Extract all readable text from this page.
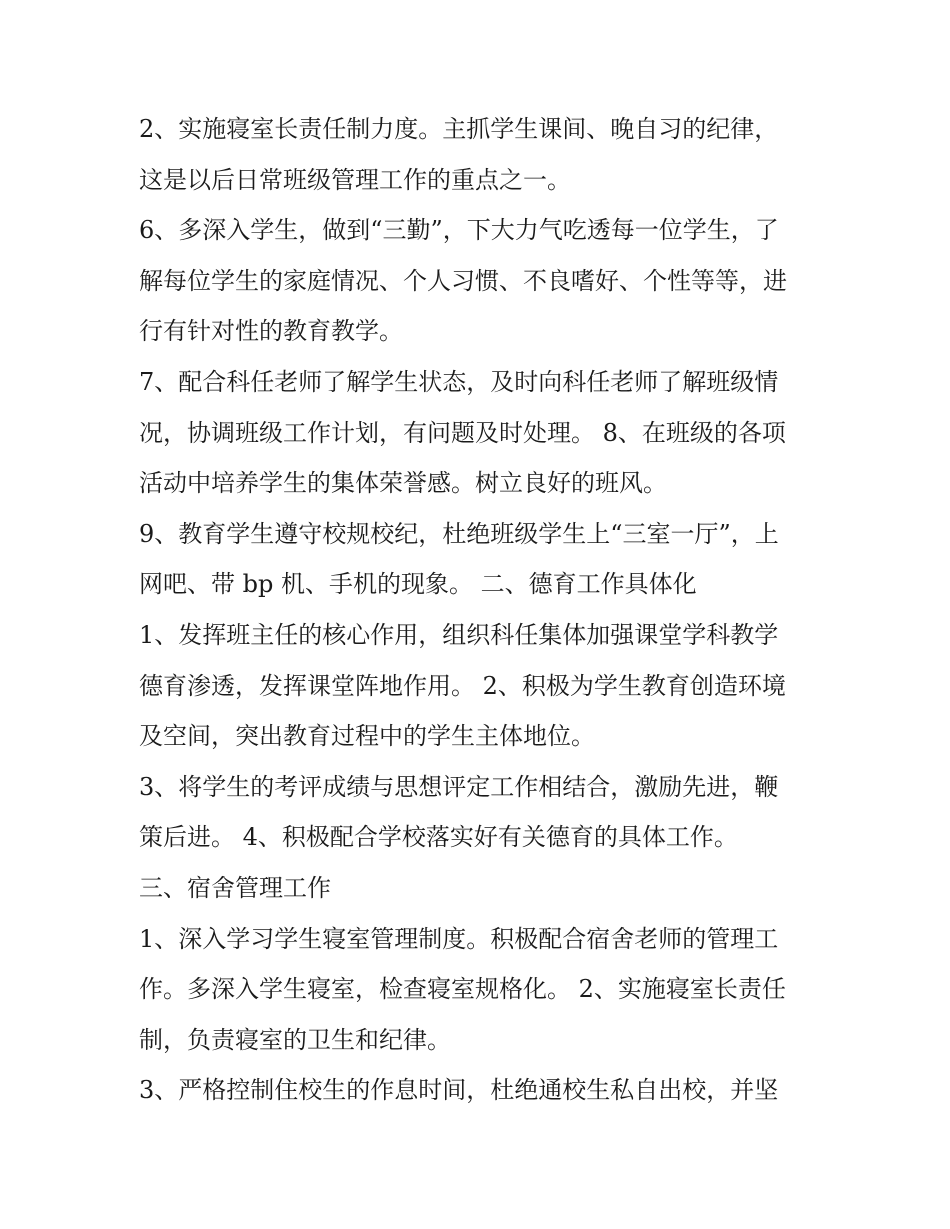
2、实施寝室长责任制力度。主抓学生课间、晚自习的纪律，
这是以后日常班级管理工作的重点之一。

6、多深入学生，做到“三勤”，下大力气吃透每一位学生，了
解每位学生的家庭情况、个人习惯、不良嗜好、个性等等，进
行有针对性的教育教学。

7、配合科任老师了解学生状态，及时向科任老师了解班级情
况，协调班级工作计划，有问题及时处理。 8、在班级的各项
活动中培养学生的集体荣誉感。树立良好的班风。

9、教育学生遵守校规校纪，杜绝班级学生上“三室一厅”，上
网吧、带 bp 机、手机的现象。 二、德育工作具体化

1、发挥班主任的核心作用，组织科任集体加强课堂学科教学
德育渗透，发挥课堂阵地作用。 2、积极为学生教育创造环境
及空间，突出教育过程中的学生主体地位。

3、将学生的考评成绩与思想评定工作相结合，激励先进，鞭
策后进。 4、积极配合学校落实好有关德育的具体工作。

三、宿舍管理工作

1、深入学习学生寝室管理制度。积极配合宿舍老师的管理工
作。多深入学生寝室，检查寝室规格化。 2、实施寝室长责任
制，负责寝室的卫生和纪律。

3、严格控制住校生的作息时间，杜绝通校生私自出校，并坚
